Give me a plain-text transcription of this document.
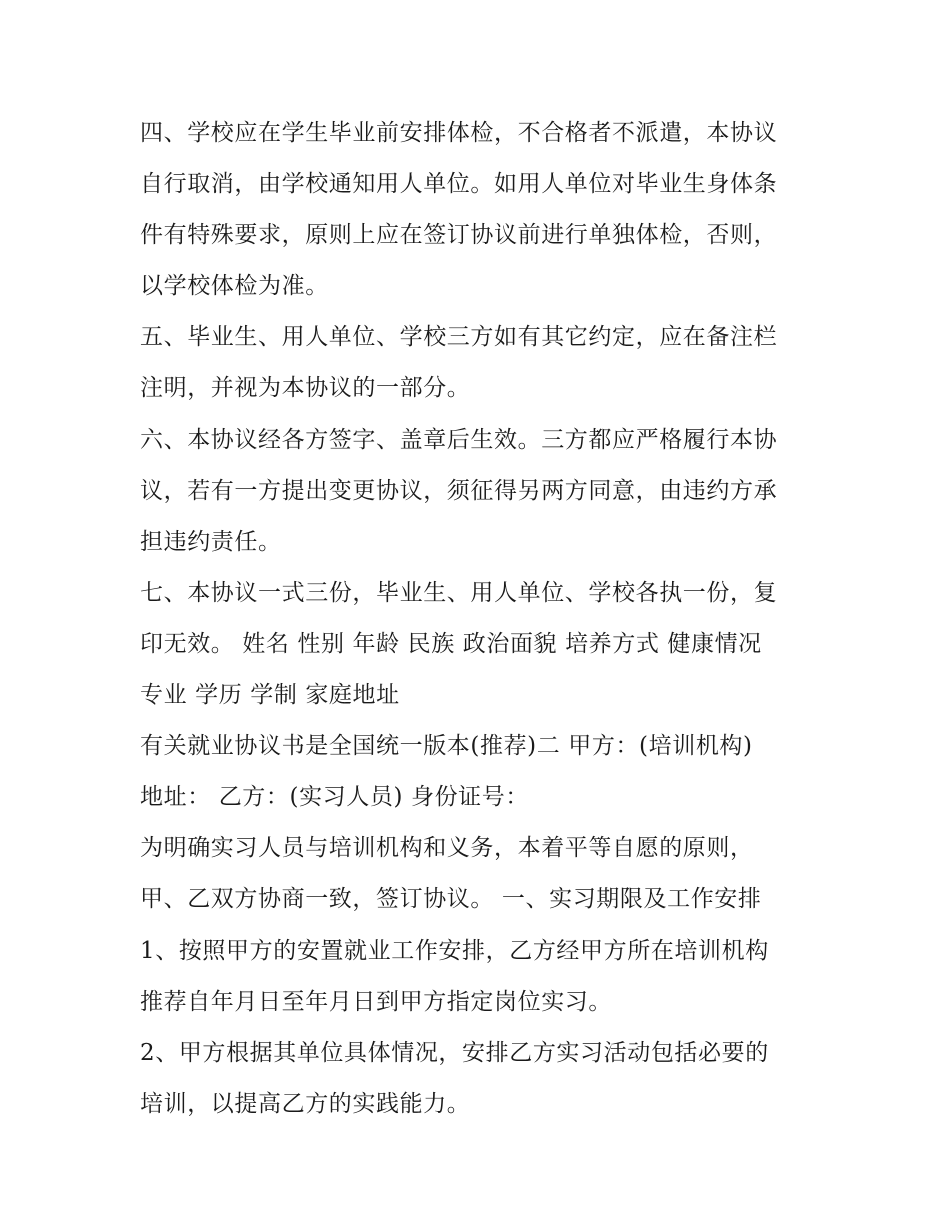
四、学校应在学生毕业前安排体检，不合格者不派遣，本协议
自行取消，由学校通知用人单位。如用人单位对毕业生身体条
件有特殊要求，原则上应在签订协议前进行单独体检，否则，
以学校体检为准。
五、毕业生、用人单位、学校三方如有其它约定，应在备注栏
注明，并视为本协议的一部分。
六、本协议经各方签字、盖章后生效。三方都应严格履行本协
议，若有一方提出变更协议，须征得另两方同意，由违约方承
担违约责任。
七、本协议一式三份，毕业生、用人单位、学校各执一份，复
印无效。 姓名 性别 年龄 民族 政治面貌 培养方式 健康情况
专业 学历 学制 家庭地址
有关就业协议书是全国统一版本(推荐)二 甲方：(培训机构)
地址： 乙方：(实习人员) 身份证号：
为明确实习人员与培训机构和义务，本着平等自愿的原则，
甲、乙双方协商一致，签订协议。 一、实习期限及工作安排
1、按照甲方的安置就业工作安排，乙方经甲方所在培训机构
推荐自年月日至年月日到甲方指定岗位实习。
2、甲方根据其单位具体情况，安排乙方实习活动包括必要的
培训，以提高乙方的实践能力。
